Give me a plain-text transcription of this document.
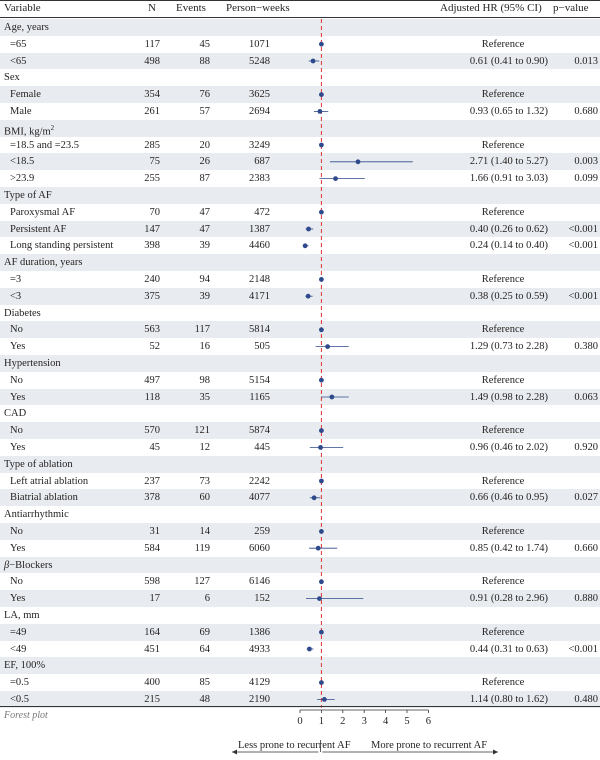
Variable	N Events Person−weeks	Adjusted HR (95% CI) p−value
Age, years
=65	117	45	1071	Reference
<65	498	88	5248	0.61 (0.41 to 0.90)	0.013
Sex
Female	354	76	3625	Reference
Male	261	57	2694	0.93 (0.65 to 1.32)	0.680
BMI, $kg/m^2$
=18.5 and =23.5	285	20	3249	Reference
<18.5	75	26	687	2.71 (1.40 to 5.27)	0.003
>23.9	255	87	2383	1.66 (0.91 to 3.03)	0.099
Type of AF
Paroxysmal AF	70	47	472	Reference
Persistent AF	147	47	1387	0.40 (0.26 to 0.62)	<0.001
Long standing persistent	398	39	4460	0.24 (0.14 to 0.40)	<0.001
AF duration, years
=3	240	94	2148	Reference
<3	375	39	4171	0.38 (0.25 to 0.59)	<0.001
Diabetes
No	563	117	5814	Reference
Yes	52	16	505	1.29 (0.73 to 2.28)	0.380
Hypertension
No	497	98	5154	Reference
Yes	118	35	1165	1.49 (0.98 to 2.28)	0.063
CAD
No	570	121	5874	Reference
Yes	45	12	445	0.96 (0.46 to 2.02)	0.920
Type of ablation
Left atrial ablation	237	73	2242	Reference
Biatrial ablation	378	60	4077	0.66 (0.46 to 0.95)	0.027
Antiarrhythmic
No	31	14	259	Reference
Yes	584	119	6060	0.85 (0.42 to 1.74)	0.660
β−Blockers
No	598	127	6146	Reference
Yes	17	6	152	0.91 (0.28 to 2.96)	0.880
LA, mm
=49	164	69	1386	Reference
<49	451	64	4933	0.44 (0.31 to 0.63)	<0.001
EF, 100%
=0.5	400	85	4129	Reference
<0.5	215	48	2190	1.14 (0.80 to 1.62)	0.480
0 1 2 3 4 5 6
Forest plot
Less prone to recurrent AF More prone to recurrent AF
